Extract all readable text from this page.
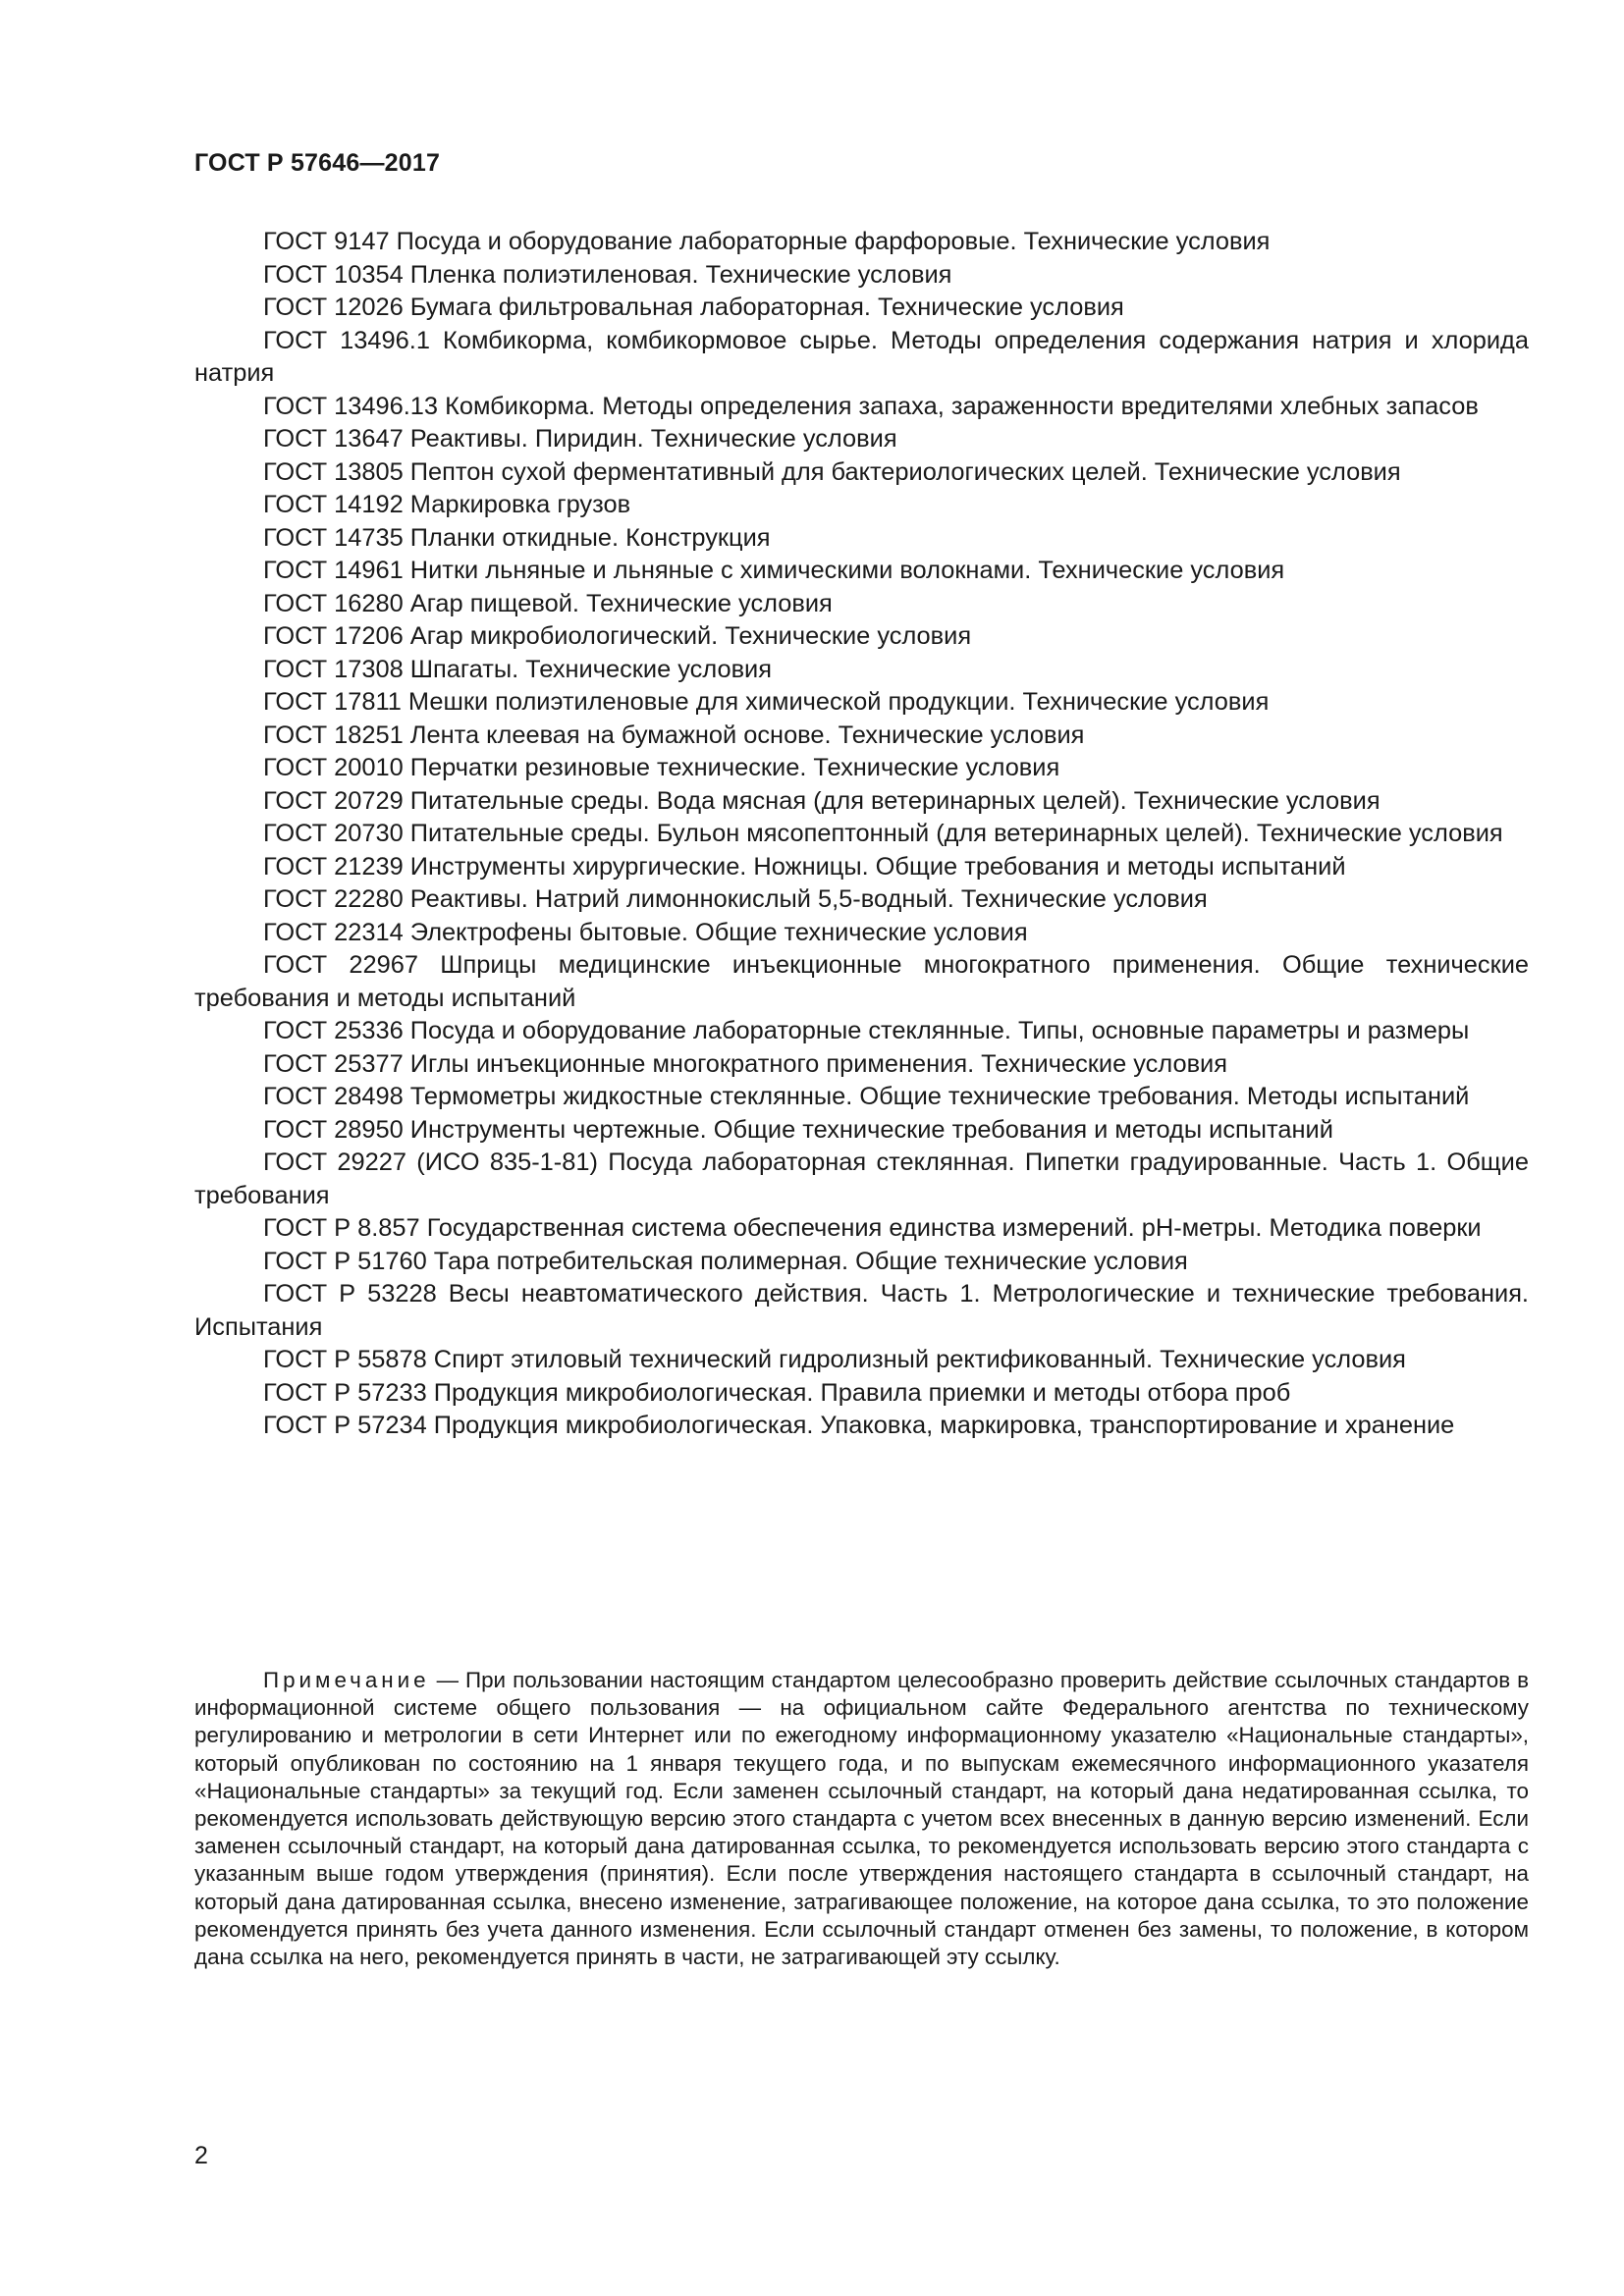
ГОСТ Р 57646—2017

ГОСТ 9147 Посуда и оборудование лабораторные фарфоровые. Технические условия

ГОСТ 10354 Пленка полиэтиленовая. Технические условия

ГОСТ 12026 Бумага фильтровальная лабораторная. Технические условия

ГОСТ 13496.1 Комбикорма, комбикормовое сырье. Методы определения содержания натрия и хлорида натрия

ГОСТ 13496.13 Комбикорма. Методы определения запаха, зараженности вредителями хлебных запасов

ГОСТ 13647 Реактивы. Пиридин. Технические условия

ГОСТ 13805 Пептон сухой ферментативный для бактериологических целей. Технические условия

ГОСТ 14192 Маркировка грузов

ГОСТ 14735 Планки откидные. Конструкция

ГОСТ 14961 Нитки льняные и льняные с химическими волокнами. Технические условия

ГОСТ 16280 Агар пищевой. Технические условия

ГОСТ 17206 Агар микробиологический. Технические условия

ГОСТ 17308 Шпагаты. Технические условия

ГОСТ 17811 Мешки полиэтиленовые для химической продукции. Технические условия

ГОСТ 18251 Лента клеевая на бумажной основе. Технические условия

ГОСТ 20010 Перчатки резиновые технические. Технические условия

ГОСТ 20729 Питательные среды. Вода мясная (для ветеринарных целей). Технические условия

ГОСТ 20730 Питательные среды. Бульон мясопептонный (для ветеринарных целей). Технические условия

ГОСТ 21239 Инструменты хирургические. Ножницы. Общие требования и методы испытаний

ГОСТ 22280 Реактивы. Натрий лимоннокислый 5,5-водный. Технические условия

ГОСТ 22314 Электрофены бытовые. Общие технические условия

ГОСТ 22967 Шприцы медицинские инъекционные многократного применения. Общие технические требования и методы испытаний

ГОСТ 25336 Посуда и оборудование лабораторные стеклянные. Типы, основные параметры и размеры

ГОСТ 25377 Иглы инъекционные многократного применения. Технические условия

ГОСТ 28498 Термометры жидкостные стеклянные. Общие технические требования. Методы испытаний

ГОСТ 28950 Инструменты чертежные. Общие технические требования и методы испытаний

ГОСТ 29227 (ИСО 835-1-81) Посуда лабораторная стеклянная. Пипетки градуированные. Часть 1. Общие требования

ГОСТ Р 8.857 Государственная система обеспечения единства измерений. pH-метры. Методика поверки

ГОСТ Р 51760 Тара потребительская полимерная. Общие технические условия

ГОСТ Р 53228 Весы неавтоматического действия. Часть 1. Метрологические и технические требования. Испытания

ГОСТ Р 55878 Спирт этиловый технический гидролизный ректификованный. Технические условия

ГОСТ Р 57233 Продукция микробиологическая. Правила приемки и методы отбора проб

ГОСТ Р 57234 Продукция микробиологическая. Упаковка, маркировка, транспортирование и хранение

Примечание — При пользовании настоящим стандартом целесообразно проверить действие ссылочных стандартов в информационной системе общего пользования — на официальном сайте Федерального агентства по техническому регулированию и метрологии в сети Интернет или по ежегодному информационному указателю «Национальные стандарты», который опубликован по состоянию на 1 января текущего года, и по выпускам ежемесячного информационного указателя «Национальные стандарты» за текущий год. Если заменен ссылочный стандарт, на который дана недатированная ссылка, то рекомендуется использовать действующую версию этого стандарта с учетом всех внесенных в данную версию изменений. Если заменен ссылочный стандарт, на который дана датированная ссылка, то рекомендуется использовать версию этого стандарта с указанным выше годом утверждения (принятия). Если после утверждения настоящего стандарта в ссылочный стандарт, на который дана датированная ссылка, внесено изменение, затрагивающее положение, на которое дана ссылка, то это положение рекомендуется принять без учета данного изменения. Если ссылочный стандарт отменен без замены, то положение, в котором дана ссылка на него, рекомендуется принять в части, не затрагивающей эту ссылку.

2
